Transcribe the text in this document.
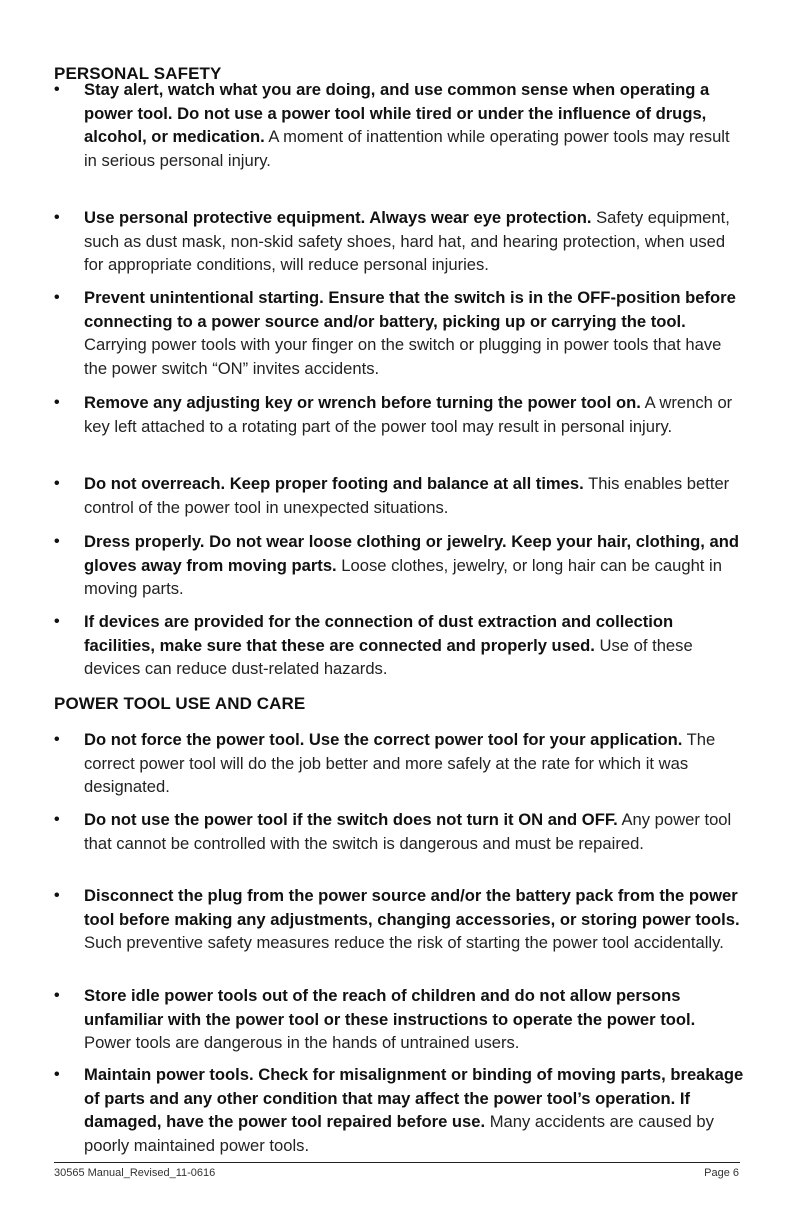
PERSONAL SAFETY
•	Stay alert, watch what you are doing, and use common sense when operating a power tool. Do not use a power tool while tired or under the influence of drugs, alcohol, or medication. A moment of inattention while operating power tools may result in serious personal injury.
•	Use personal protective equipment. Always wear eye protection. Safety equipment, such as dust mask, non-skid safety shoes, hard hat, and hearing protection, when used for appropriate conditions, will reduce personal injuries.
•	Prevent unintentional starting. Ensure that the switch is in the OFF-position before connecting to a power source and/or battery, picking up or carrying the tool. Carrying power tools with your finger on the switch or plugging in power tools that have the power switch “ON” invites accidents.
•	Remove any adjusting key or wrench before turning the power tool on. A wrench or key left attached to a rotating part of the power tool may result in personal injury.
•	Do not overreach. Keep proper footing and balance at all times. This enables better control of the power tool in unexpected situations.
•	Dress properly. Do not wear loose clothing or jewelry. Keep your hair, clothing, and gloves away from moving parts. Loose clothes, jewelry, or long hair can be caught in moving parts.
•	If devices are provided for the connection of dust extraction and collection facilities, make sure that these are connected and properly used. Use of these devices can reduce dust-related hazards.
POWER TOOL USE AND CARE
•	Do not force the power tool. Use the correct power tool for your application. The correct power tool will do the job better and more safely at the rate for which it was designated.
•	Do not use the power tool if the switch does not turn it ON and OFF. Any power tool that cannot be controlled with the switch is dangerous and must be repaired.
•	Disconnect the plug from the power source and/or the battery pack from the power tool before making any adjustments, changing accessories, or storing power tools. Such preventive safety measures reduce the risk of starting the power tool accidentally.
•	Store idle power tools out of the reach of children and do not allow persons unfamiliar with the power tool or these instructions to operate the power tool. Power tools are dangerous in the hands of untrained users.
•	Maintain power tools. Check for misalignment or binding of moving parts, breakage of parts and any other condition that may affect the power tool’s operation. If damaged, have the power tool repaired before use. Many accidents are caused by poorly maintained power tools.
30565 Manual_Revised_11-0616	Page 6
